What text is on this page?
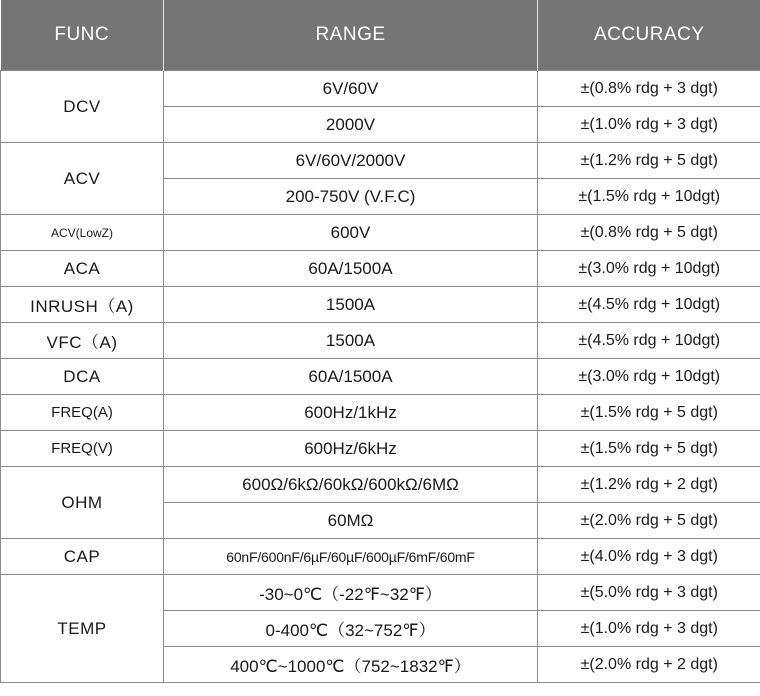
FUNC	RANGE	ACCURACY
DCV	6V/60V	±(0.8% rdg + 3 dgt)
	2000V	±(1.0% rdg + 3 dgt)
ACV	6V/60V/2000V	±(1.2% rdg + 5 dgt)
	200-750V (V.F.C)	±(1.5% rdg + 10dgt)
ACV(LowZ)	600V	±(0.8% rdg + 5 dgt)
ACA	60A/1500A	±(3.0% rdg + 10dgt)
INRUSH（A)	1500A	±(4.5% rdg + 10dgt)
VFC（A)	1500A	±(4.5% rdg + 10dgt)
DCA	60A/1500A	±(3.0% rdg + 10dgt)
FREQ(A)	600Hz/1kHz	±(1.5% rdg + 5 dgt)
FREQ(V)	600Hz/6kHz	±(1.5% rdg + 5 dgt)
OHM	600Ω/6kΩ/60kΩ/600kΩ/6MΩ	±(1.2% rdg + 2 dgt)
	60MΩ	±(2.0% rdg + 5 dgt)
CAP	60nF/600nF/6µF/60µF/600µF/6mF/60mF	±(4.0% rdg + 3 dgt)
TEMP	-30~0℃（-22℉~32℉）	±(5.0% rdg + 3 dgt)
	0-400℃（32~752℉）	±(1.0% rdg + 3 dgt)
	400℃~1000℃（752~1832℉）	±(2.0% rdg + 2 dgt)
